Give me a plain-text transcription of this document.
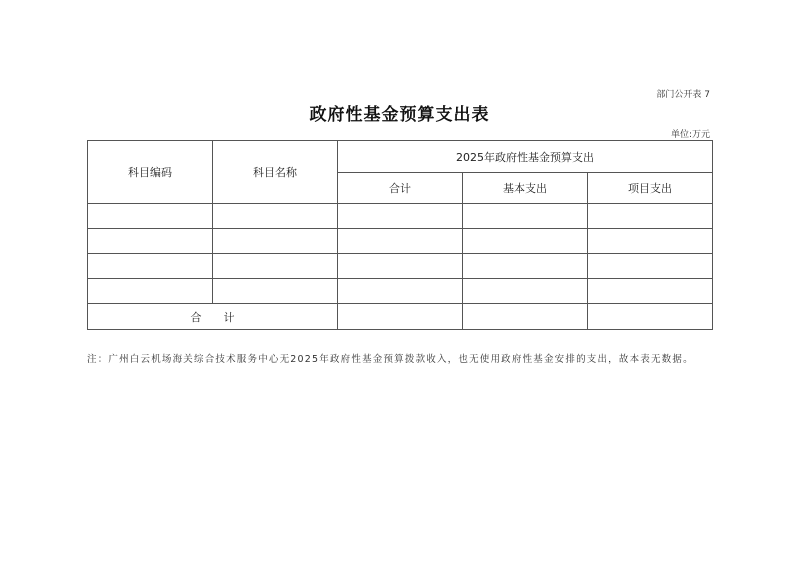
部门公开表 7
政府性基金预算支出表
单位:万元
科目编码	科目名称	2025年政府性基金预算支出		
		合计	基本支出	项目支出

合计				
注：广州白云机场海关综合技术服务中心无2025年政府性基金预算拨款收入，也无使用政府性基金安排的支出，故本表无数据。
